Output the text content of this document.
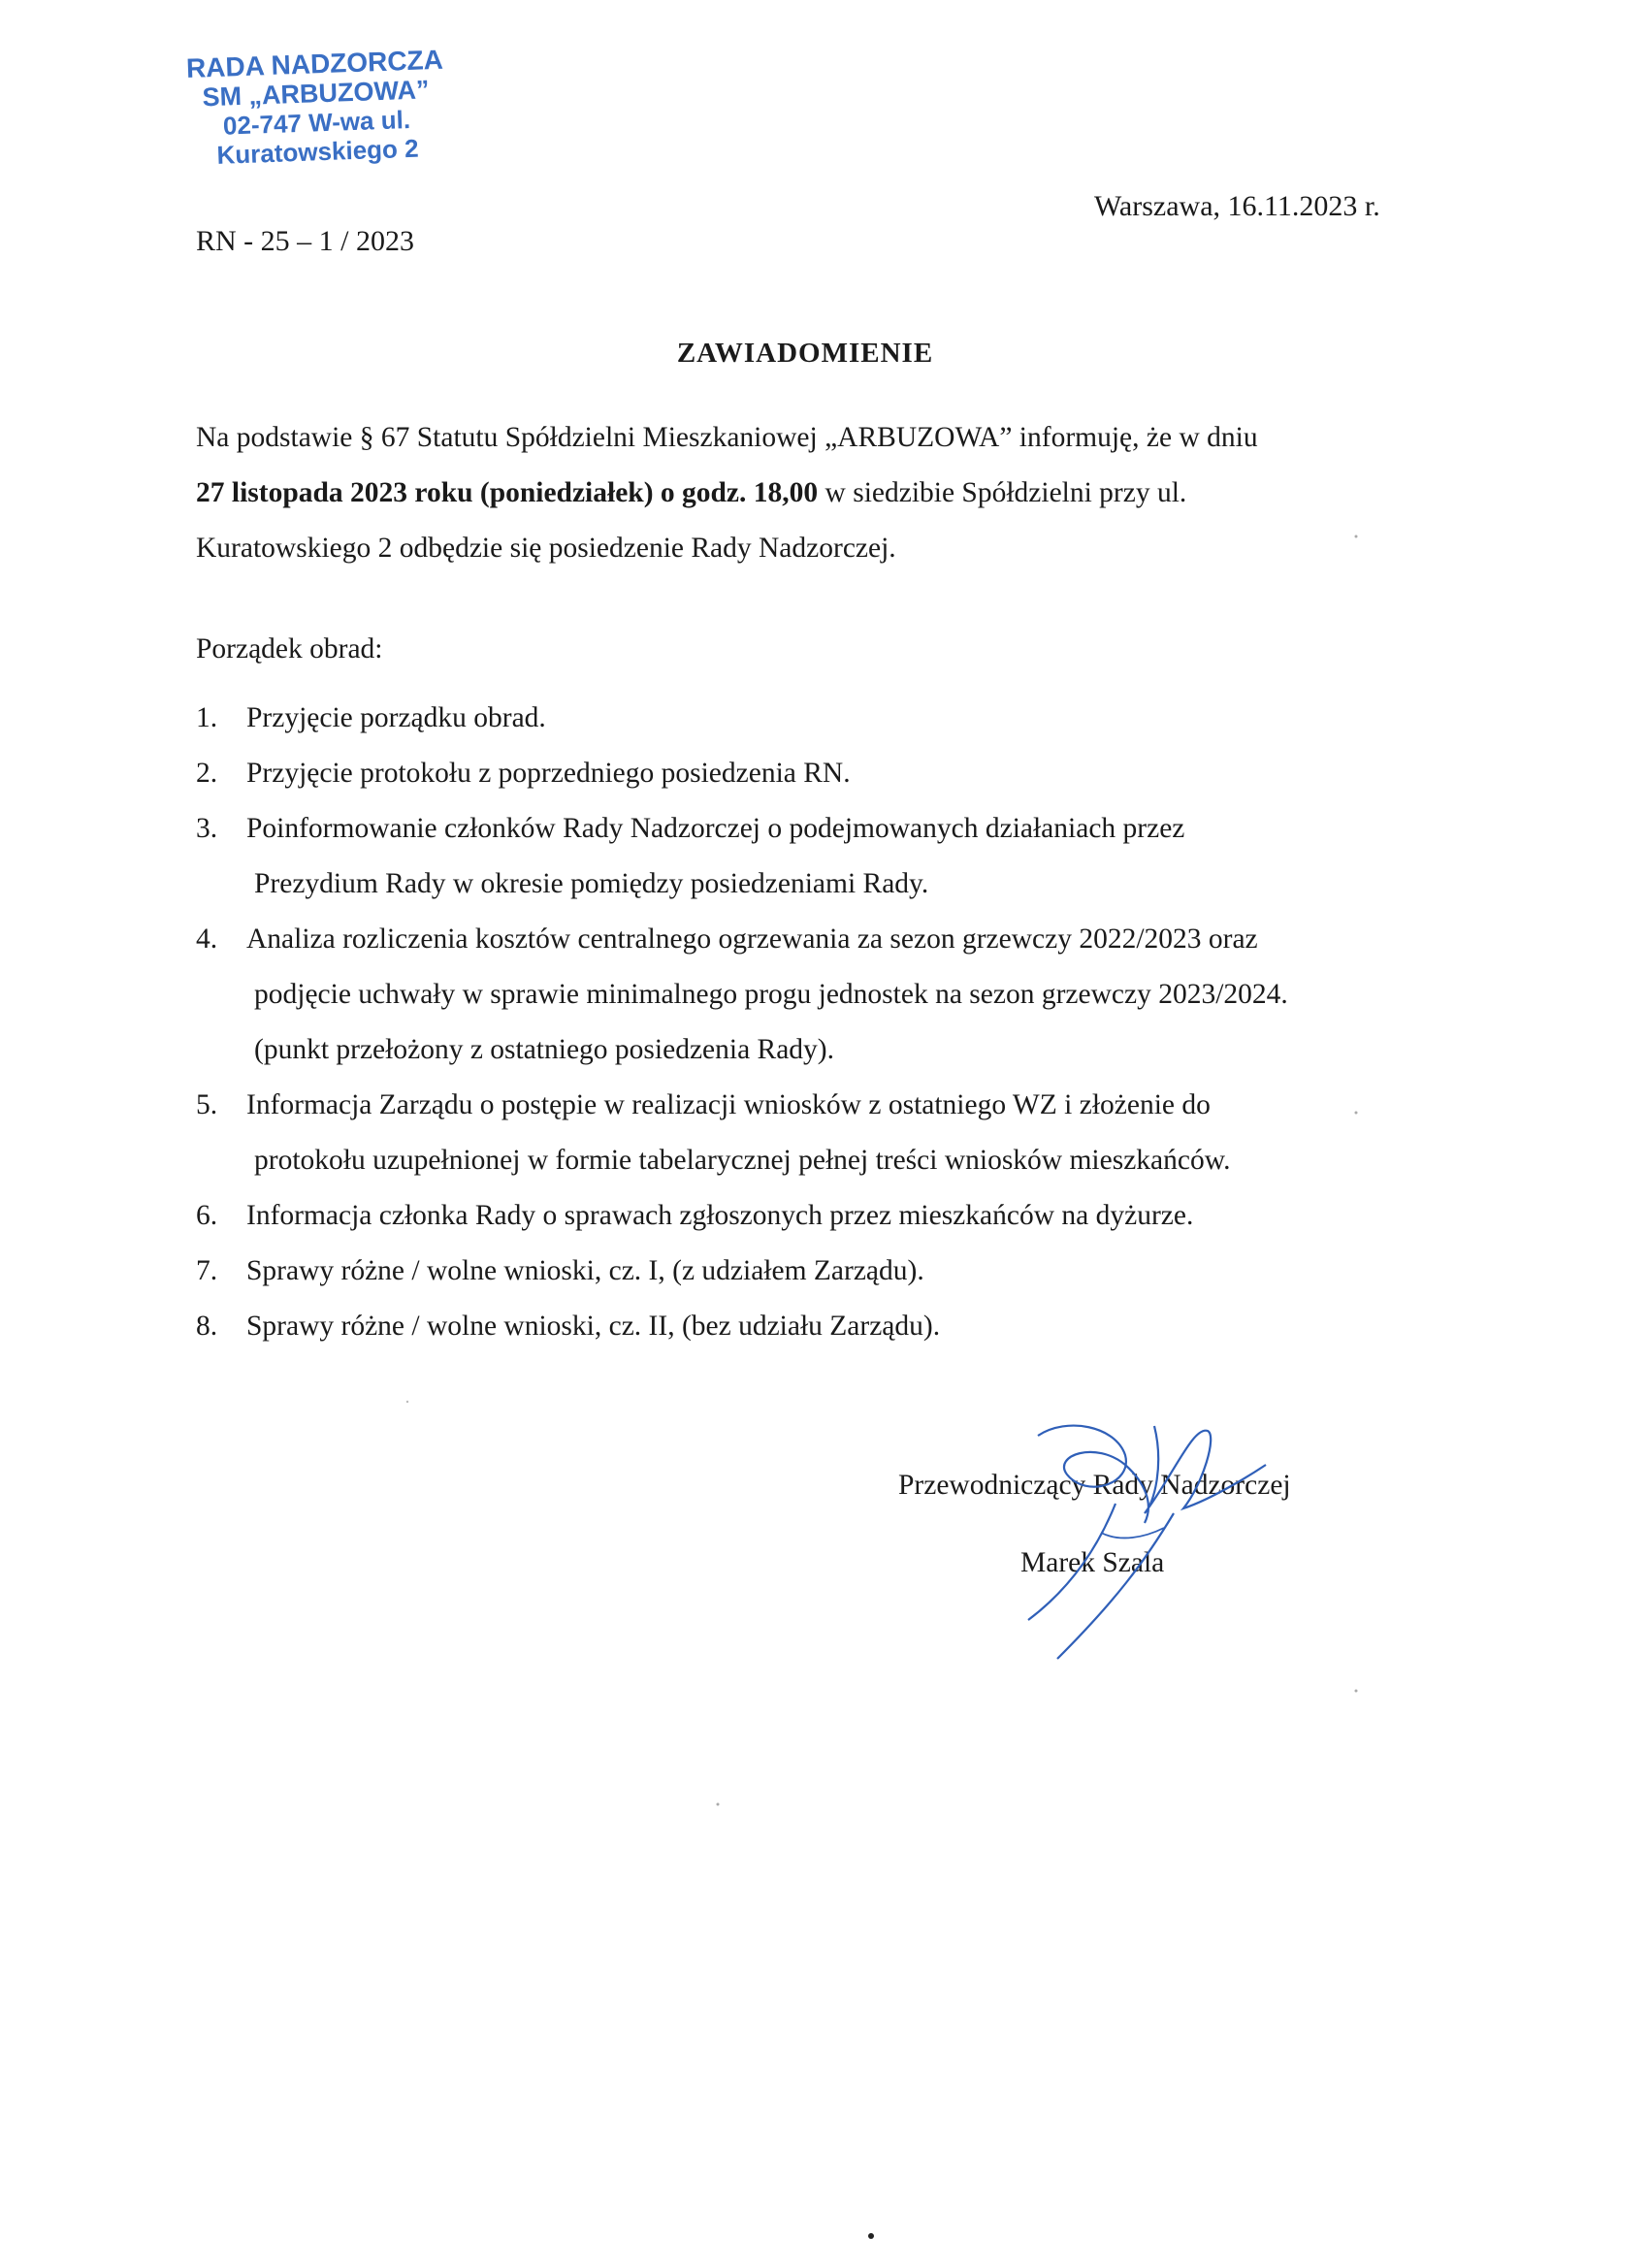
RADA NADZORCZA
SM „ARBUZOWA”
02-747 W-wa ul. Kuratowskiego 2
Warszawa, 16.11.2023 r.
RN - 25 – 1 / 2023
ZAWIADOMIENIE
Na podstawie § 67 Statutu Spółdzielni Mieszkaniowej „ARBUZOWA” informuję, że w dniu
27 listopada 2023 roku (poniedziałek) o godz. 18,00 w siedzibie Spółdzielni przy ul.
Kuratowskiego 2 odbędzie się posiedzenie Rady Nadzorczej.
Porządek obrad:
1.	Przyjęcie porządku obrad.
2.	Przyjęcie protokołu z poprzedniego posiedzenia RN.
3.	Poinformowanie członków Rady Nadzorczej o podejmowanych działaniach przez
Prezydium Rady w okresie pomiędzy posiedzeniami Rady.
4.	Analiza rozliczenia kosztów centralnego ogrzewania za sezon grzewczy 2022/2023 oraz
podjęcie uchwały w sprawie minimalnego progu jednostek na sezon grzewczy 2023/2024.
(punkt przełożony z ostatniego posiedzenia Rady).
5.	Informacja Zarządu o postępie w realizacji wniosków z ostatniego WZ i złożenie do
protokołu uzupełnionej w formie tabelarycznej pełnej treści wniosków mieszkańców.
6.	Informacja członka Rady o sprawach zgłoszonych przez mieszkańców na dyżurze.
7.	Sprawy różne / wolne wnioski, cz. I, (z udziałem Zarządu).
8.	Sprawy różne / wolne wnioski, cz. II, (bez udziału Zarządu).
Przewodniczący Rady Nadzorczej
Marek Szala
